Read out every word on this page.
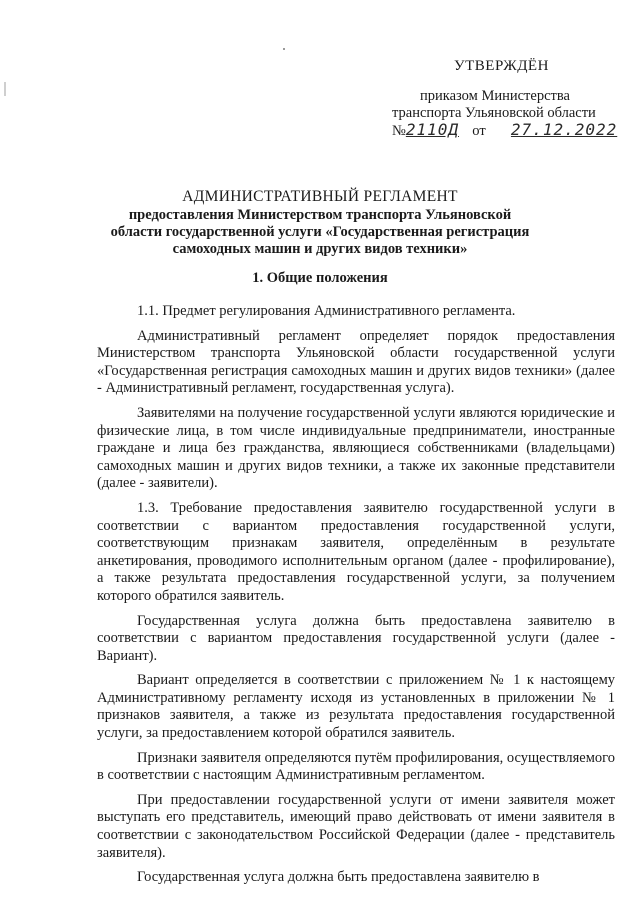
УТВЕРЖДЁН
приказом Министерства
транспорта Ульяновской области
№2110Д от 27.12.2022
АДМИНИСТРАТИВНЫЙ РЕГЛАМЕНТ
предоставления Министерством транспорта Ульяновской области государственной услуги «Государственная регистрация самоходных машин и других видов техники»
1. Общие положения

1.1. Предмет регулирования Административного регламента.

Административный регламент определяет порядок предоставления Министерством транспорта Ульяновской области государственной услуги «Государственная регистрация самоходных машин и других видов техники» (далее - Административный регламент, государственная услуга).

Заявителями на получение государственной услуги являются юридические и физические лица, в том числе индивидуальные предприниматели, иностранные граждане и лица без гражданства, являющиеся собственниками (владельцами) самоходных машин и других видов техники, а также их законные представители (далее - заявители).

1.3. Требование предоставления заявителю государственной услуги в соответствии с вариантом предоставления государственной услуги, соответствующим признакам заявителя, определённым в результате анкетирования, проводимого исполнительным органом (далее - профилирование), а также результата предоставления государственной услуги, за получением которого обратился заявитель.

Государственная услуга должна быть предоставлена заявителю в соответствии с вариантом предоставления государственной услуги (далее - Вариант).

Вариант определяется в соответствии с приложением № 1 к настоящему Административному регламенту исходя из установленных в приложении № 1 признаков заявителя, а также из результата предоставления государственной услуги, за предоставлением которой обратился заявитель.

Признаки заявителя определяются путём профилирования, осуществляемого в соответствии с настоящим Административным регламентом.

При предоставлении государственной услуги от имени заявителя может выступать его представитель, имеющий право действовать от имени заявителя в соответствии с законодательством Российской Федерации (далее - представитель заявителя).

Государственная услуга должна быть предоставлена заявителю в
